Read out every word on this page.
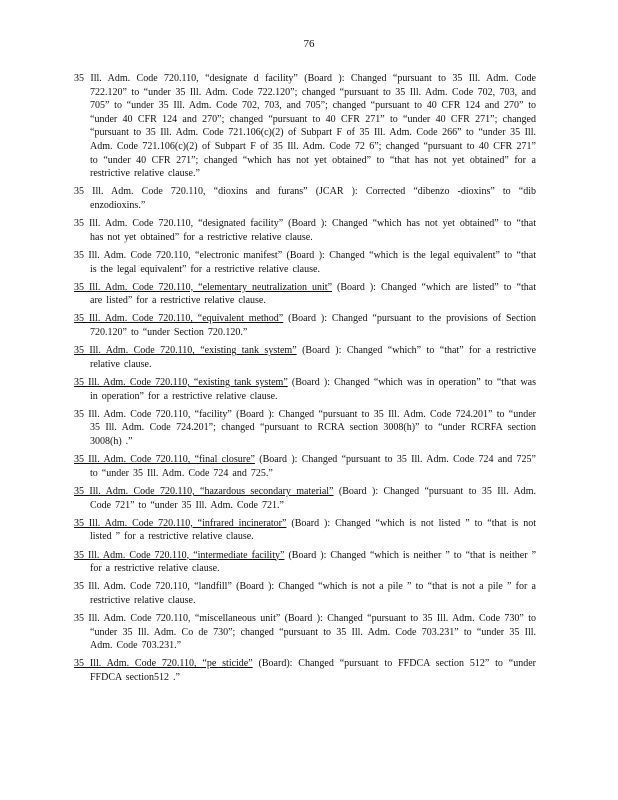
76

35 Ill. Adm. Code 720.110, “designate d facility” (Board ): Changed “pursuant to 35 Ill. Adm. Code 722.120” to “under 35 Ill. Adm. Code 722.120”; changed “pursuant to 35 Ill. Adm. Code 702, 703, and 705” to “under 35 Ill. Adm. Code 702, 703, and 705”; changed “pursuant to 40 CFR 124 and 270” to “under 40 CFR 124 and 270”; changed “pursuant to 40 CFR 271” to “under 40 CFR 271”; changed “pursuant to 35 Ill. Adm. Code 721.106(c)(2) of Subpart F of 35 Ill. Adm. Code 266” to “under 35 Ill. Adm. Code 721.106(c)(2) of Subpart F of 35 Ill. Adm. Code 72 6”; changed “pursuant to 40 CFR 271” to “under 40 CFR 271”; changed “which has not yet obtained” to “that has not yet obtained” for a restrictive relative clause.”

35 Ill. Adm. Code 720.110, “dioxins and furans” (JCAR ): Corrected “dibenzo -dioxins” to “dib enzodioxins.”

35 Ill. Adm. Code 720.110, “designated facility” (Board ): Changed “which has not yet obtained” to “that has not yet obtained” for a restrictive relative clause.

35 Ill. Adm. Code 720.110, “electronic manifest” (Board ): Changed “which is the legal equivalent” to “that is the legal equivalent” for a restrictive relative clause.

35 Ill. Adm. Code 720.110, “elementary neutralization unit” (Board ): Changed “which are listed” to “that are listed” for a restrictive relative clause.

35 Ill. Adm. Code 720.110, “equivalent method” (Board ): Changed “pursuant to the provisions of Section 720.120” to “under Section 720.120.”

35 Ill. Adm. Code 720.110, “existing tank system” (Board ): Changed “which” to “that” for a restrictive relative clause.

35 Ill. Adm. Code 720.110, “existing tank system” (Board ): Changed “which was in operation” to “that was in operation” for a restrictive relative clause.

35 Ill. Adm. Code 720.110, “facility” (Board ): Changed “pursuant to 35 Ill. Adm. Code 724.201” to “under 35 Ill. Adm. Code 724.201”; changed “pursuant to RCRA section 3008(h)” to “under RCRFA section 3008(h) .”

35 Ill. Adm. Code 720.110, “final closure” (Board ): Changed “pursuant to 35 Ill. Adm. Code 724 and 725” to “under 35 Ill. Adm. Code 724 and 725.”

35 Ill. Adm. Code 720.110, “hazardous secondary material” (Board ): Changed “pursuant to 35 Ill. Adm. Code 721” to “under 35 Ill. Adm. Code 721.”

35 Ill. Adm. Code 720.110, “infrared incinerator” (Board ): Changed “which is not listed ” to “that is not listed ” for a restrictive relative clause.

35 Ill. Adm. Code 720.110, “intermediate facility” (Board ): Changed “which is neither ” to “that is neither ” for a restrictive relative clause.

35 Ill. Adm. Code 720.110, “landfill” (Board ): Changed “which is not a pile ” to “that is not a pile ” for a restrictive relative clause.

35 Ill. Adm. Code 720.110, “miscellaneous unit” (Board ): Changed “pursuant to 35 Ill. Adm. Code 730” to “under 35 Ill. Adm. Co de 730”; changed “pursuant to 35 Ill. Adm. Code 703.231” to “under 35 Ill. Adm. Code 703.231.”

35 Ill. Adm. Code 720.110, “pe sticide” (Board): Changed “pursuant to FFDCA section 512” to “under FFDCA section512 .”
